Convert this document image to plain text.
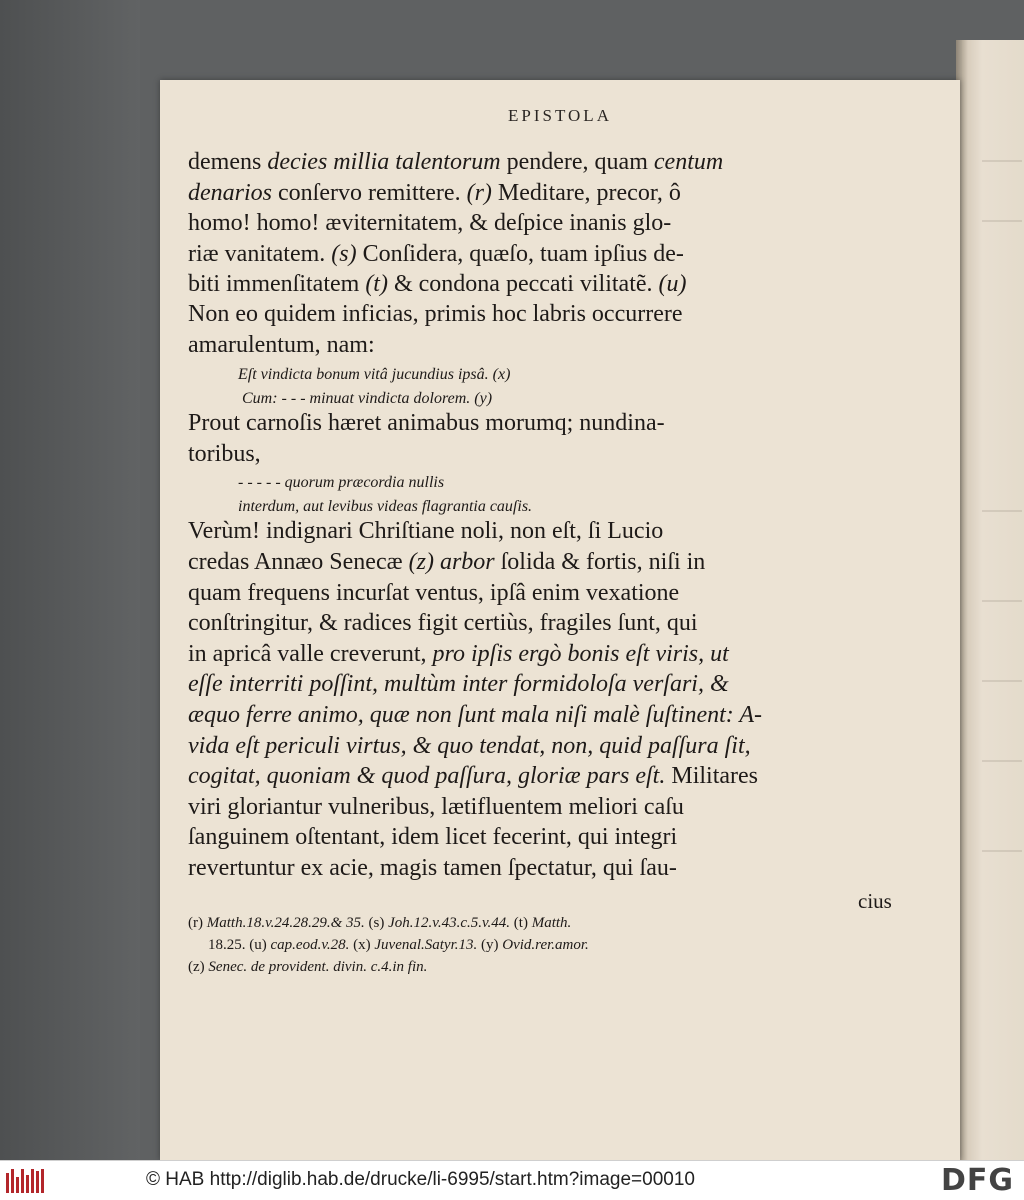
EPISTOLA
demens decies millia talentorum pendere, quam centum
denarios conſervo remittere. (r) Meditare, precor, ô
homo! homo! æviternitatem, & deſpice inanis glo-
riæ vanitatem. (s) Conſidera, quæſo, tuam ipſius de-
biti immenſitatem (t) & condona peccati vilitatẽ. (u)
Non eo quidem inficias, primis hoc labris occurrere
amarulentum, nam:
Eſt vindicta bonum vitâ jucundius ipsâ. (x)
Cum: - - - minuat vindicta dolorem. (y)
Prout carnoſis hæret animabus morumq; nundina-
toribus,
- - - - - quorum præcordia nullis
interdum, aut levibus videas flagrantia cauſis.
Verùm! indignari Chriſtiane noli, non eſt, ſi Lucio
credas Annæo Senecæ (z) arbor ſolida & fortis, niſi in
quam frequens incurſat ventus, ipſâ enim vexatione
conſtringitur, & radices figit certiùs, fragiles ſunt, qui
in apricâ valle creverunt, pro ipſis ergò bonis eſt viris, ut
eſſe interriti poſſint, multùm inter formidoloſa verſari, &
æquo ferre animo, quæ non ſunt mala niſi malè ſuſtinent: A-
vida eſt periculi virtus, & quo tendat, non, quid paſſura ſit,
cogitat, quoniam & quod paſſura, gloriæ pars eſt. Militares
viri gloriantur vulneribus, lætifluentem meliori caſu
ſanguinem oſtentant, idem licet fecerint, qui integri
revertuntur ex acie, magis tamen ſpectatur, qui ſau-
cius
(r) Matth.18.v.24.28.29.& 35. (s) Joh.12.v.43.c.5.v.44. (t) Matth.
18.25. (u) cap.eod.v.28. (x) Juvenal.Satyr.13. (y) Ovid.rer.amor.
(z) Senec. de provident. divin. c.4.in fin.
© HAB http://diglib.hab.de/drucke/li-6995/start.htm?image=00010	DFG
